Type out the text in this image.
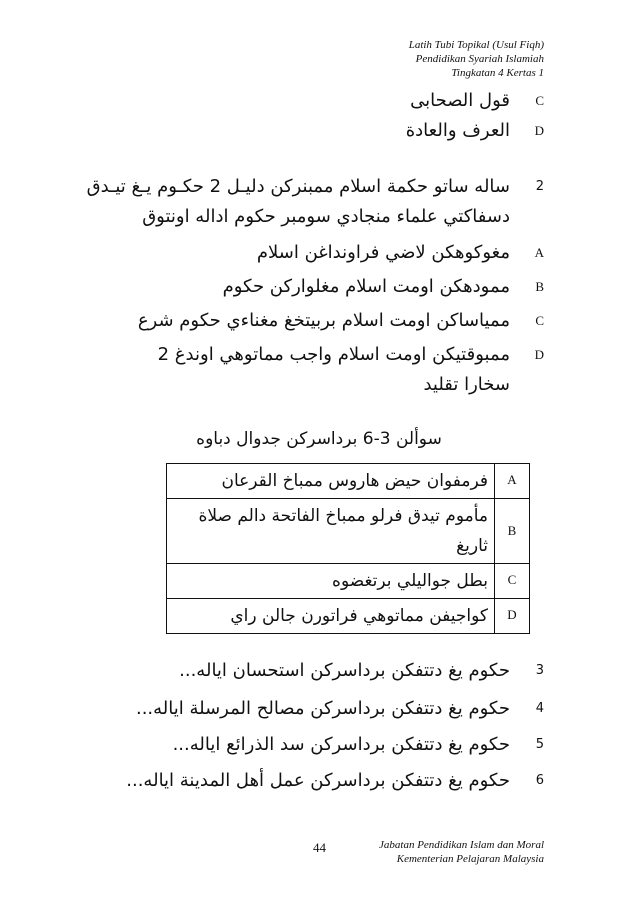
Latih Tubi Topikal (Usul Fiqh)
Pendidikan Syariah Islamiah
Tingkatan 4 Kertas 1
C
قول الصحابى
D
العرف والعادة
2
ساله ساتو حكمة اسلام ممبنركن دليـل 2 حكـوم يـغ تيـدق
دسفاكتي علماء منجادي سومبر حكوم اداله اونتوق
A
مغوكوهكن لاضي فراونداغن اسلام
B
ممودهكن اومت اسلام مغلواركن حكوم
C
ممياساكن اومت اسلام بربيتخغ مغناءي حكوم شرع
D
ممبوقتيكن اومت اسلام واجب مماتوهي اوندغ 2
سخارا تقليد
سوألن 3-6 برداسركن جدوال دباوه
فرمفوان حيض هاروس ممباخ القرعان	A

مأموم تيدق فرلو ممباخ الفاتحة دالم صلاة
ثاريغ	B
بطل جواليلي برتغضوه	C
كواجيفن مماتوهي فراتورن جالن راي	D
3
حكوم يغ دتتفكن برداسركن استحسان اياله...
4
حكوم يغ دتتفكن برداسركن مصالح المرسلة اياله...
5
حكوم يغ دتتفكن برداسركن سد الذرائع اياله...
6
حكوم يغ دتتفكن برداسركن عمل أهل المدينة اياله...
44	Jabatan Pendidikan Islam dan Moral
Kementerian Pelajaran Malaysia
